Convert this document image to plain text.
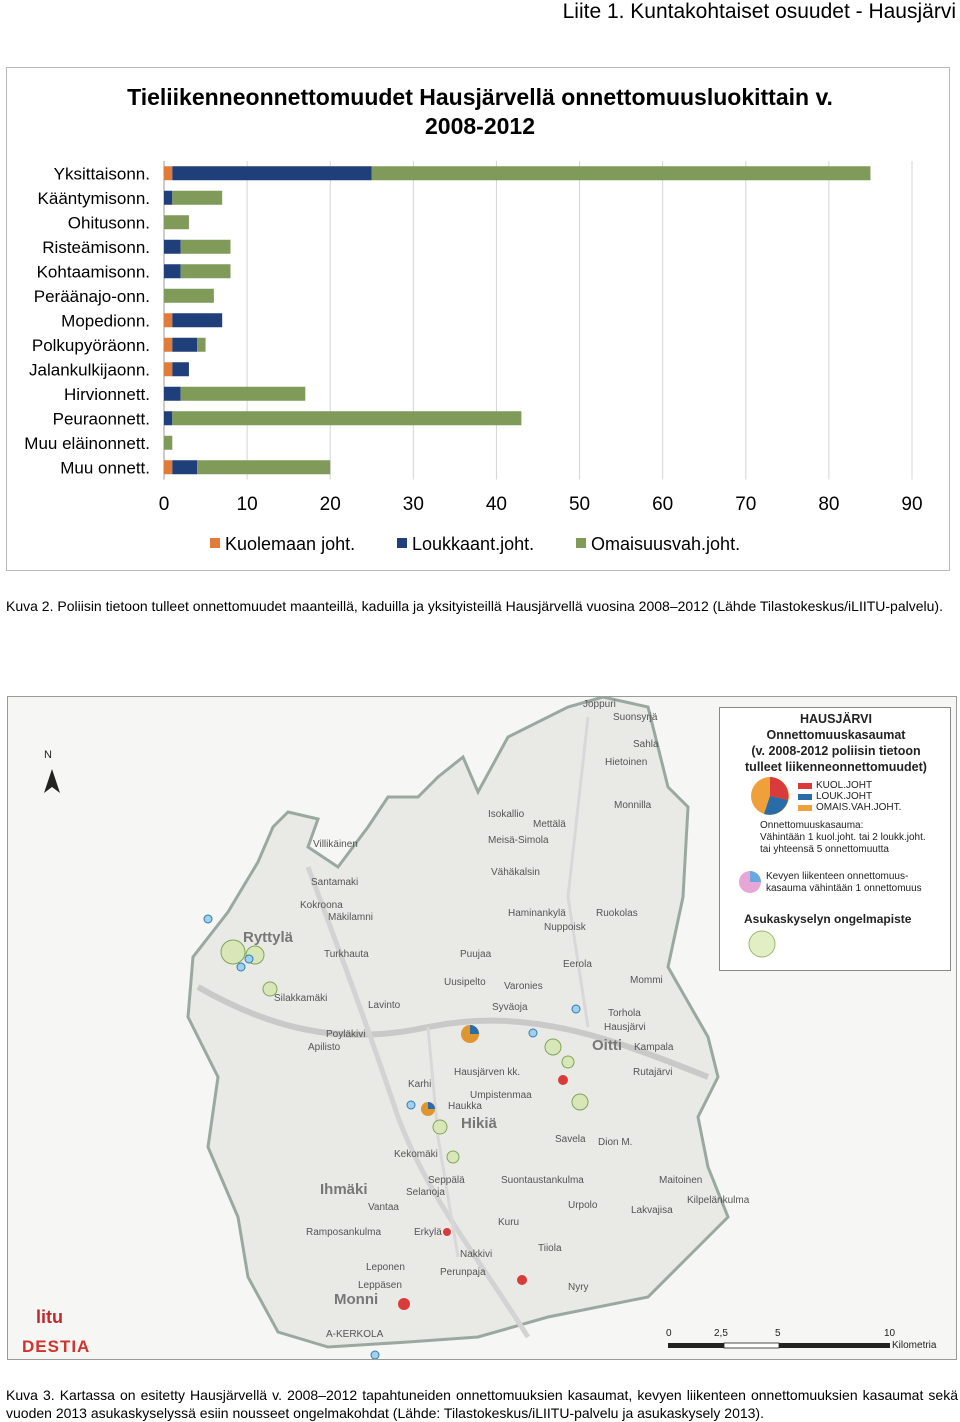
Liite 1. Kuntakohtaiset osuudet - Hausjärvi
Tieliikenneonnettomuudet Hausjärvellä onnettomuusluokittain v.
2008-2012
0	10	20	30	40	50	60	70	80	90
Yksittaisonn.
Kääntymisonn.
Ohitusonn.
Risteämisonn.
Kohtaamisonn.
Peräänajo-onn.
Mopedionn.
Polkupyöräonn.
Jalankulkijaonn.
Hirvionnett.
Peuraonnett.
Muu eläinonnett.
Muu onnett.
Kuolemaan joht.	Loukkaant.joht.	Omaisuusvah.joht.
Kuva 2. Poliisin tietoon tulleet onnettomuudet maanteillä, kaduilla ja yksityisteillä Hausjärvellä vuosina 2008–2012 (Lähde Tilastokeskus/iLIITU-palvelu).
N
HAUSJÄRVI
Onnettomuuskasaumat
(v. 2008-2012 poliisin tietoon
tulleet liikenneonnettomuudet)
KUOL.JOHT
LOUK.JOHT
OMAIS.VAH.JOHT.
Onnettomuuskasauma:
Vähintään 1 kuol.joht. tai 2 loukk.joht.
tai yhteensä 5 onnettomuutta
Kevyen liikenteen onnettomuus-
kasauma vähintään 1 onnettomuus
Asukaskyselyn ongelmapiste
Joppuri
Suonsyrjä
Sahla
Hietoinen
Monnilla
Isokallio
Mettälä
Meisä-Simola
Vähäkalsin
Villikäinen
Santamaki
Kokroona
Mäkilamni	Haminankylä	Ruokolas
Ryttylä
Turkhauta	Puujaa
Uusipelto
Eerola
Mommi
Silakkamäki
Lavinto	Syväoja
Torhola
Oitti
Poyläkivi
Apilisto	Kampala
Hausjärven kk.	Rutajärvi
Karhi
Umpistenmaa
Haukka
Hikiä
Savela Dion M.
Kekomäki
Seppälä	Suontaustankulma	Maitoinen
Kilpelänkulma
Ihmäki	Selanoja
Vantaa	Urpolo	Lakvajisa
Erkylä
Kuru
Ramposankulma
Nakkivi
Tiiola
Leponen	Perunpaja
Leppäsen	Nyry
Monni
A-KERKOLA
Nuppoisk
Varonies
Hausjärvi
0	2,5	5	10
Kilometria
litu
DESTIA
Kuva 3. Kartassa on esitetty Hausjärvellä v. 2008–2012 tapahtuneiden onnettomuuksien kasaumat, kevyen liikenteen onnettomuuksien kasaumat sekä vuoden 2013 asukaskyselyssä esiin nousseet ongelmakohdat (Lähde: Tilastokeskus/iLIITU-palvelu ja asukaskysely 2013).
